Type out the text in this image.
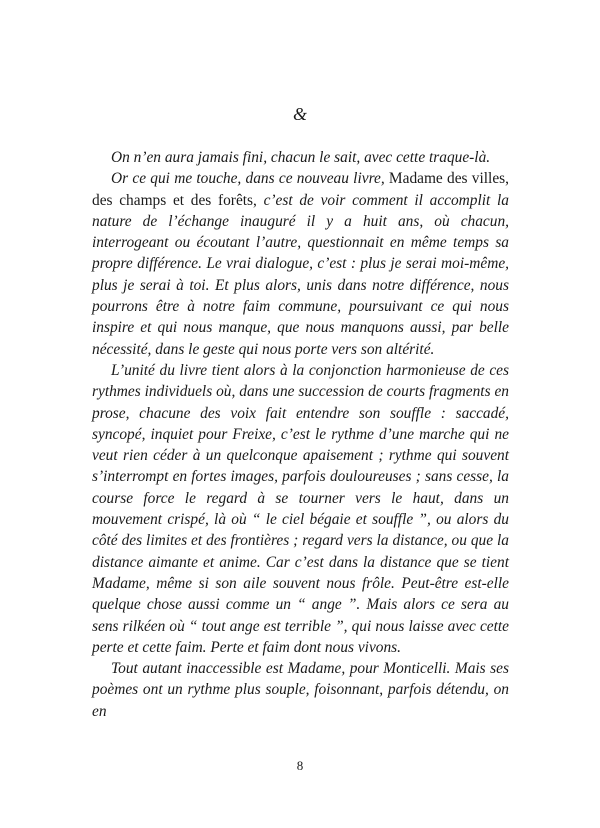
&

On n’en aura jamais fini, chacun le sait, avec cette traque-là.

Or ce qui me touche, dans ce nouveau livre, Madame des villes, des champs et des forêts, c’est de voir comment il accomplit la nature de l’échange inauguré il y a huit ans, où chacun, interrogeant ou écoutant l’autre, questionnait en même temps sa propre différence. Le vrai dialogue, c’est : plus je serai moi-même, plus je serai à toi. Et plus alors, unis dans notre différence, nous pourrons être à notre faim commune, poursuivant ce qui nous inspire et qui nous manque, que nous manquons aussi, par belle nécessité, dans le geste qui nous porte vers son altérité.

L’unité du livre tient alors à la conjonction harmonieuse de ces rythmes individuels où, dans une succession de courts fragments en prose, chacune des voix fait entendre son souffle : saccadé, syncopé, inquiet pour Freixe, c’est le rythme d’une marche qui ne veut rien céder à un quelconque apaisement ; rythme qui souvent s’interrompt en fortes images, parfois douloureuses ; sans cesse, la course force le regard à se tourner vers le haut, dans un mouvement crispé, là où “ le ciel bégaie et souffle ”, ou alors du côté des limites et des frontières ; regard vers la distance, ou que la distance aimante et anime. Car c’est dans la distance que se tient Madame, même si son aile souvent nous frôle. Peut-être est-elle quelque chose aussi comme un “ ange ”. Mais alors ce sera au sens rilkéen où “ tout ange est terrible ”, qui nous laisse avec cette perte et cette faim. Perte et faim dont nous vivons.

Tout autant inaccessible est Madame, pour Monticelli. Mais ses poèmes ont un rythme plus souple, foisonnant, parfois détendu, on en

8
